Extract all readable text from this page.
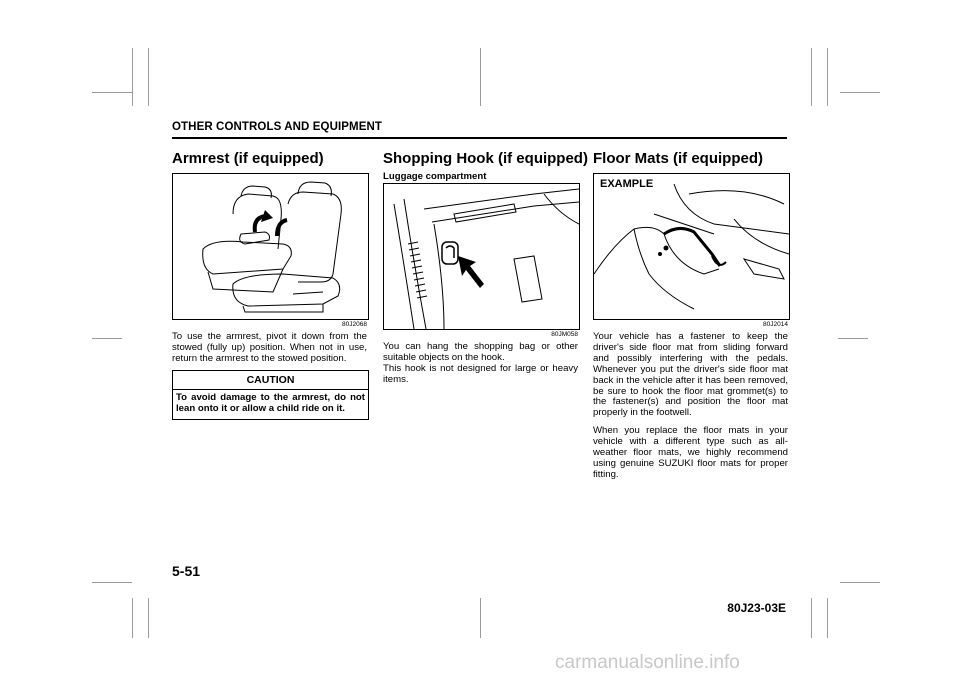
OTHER CONTROLS AND EQUIPMENT
Armrest (if equipped)
80J2068

To use the armrest, pivot it down from the stowed (fully up) position. When not in use, return the armrest to the stowed position.

CAUTION
To avoid damage to the armrest, do not lean onto it or allow a child ride on it.
Shopping Hook (if equipped)
Luggage compartment
80JM058

You can hang the shopping bag or other suitable objects on the hook.

This hook is not designed for large or heavy items.

Floor Mats (if equipped)
EXAMPLE
80J2014

Your vehicle has a fastener to keep the driver's side floor mat from sliding forward and possibly interfering with the pedals. Whenever you put the driver's side floor mat back in the vehicle after it has been removed, be sure to hook the floor mat grommet(s) to the fastener(s) and position the floor mat properly in the footwell.

When you replace the floor mats in your vehicle with a different type such as all-weather floor mats, we highly recommend using genuine SUZUKI floor mats for proper fitting.

5-51
80J23-03E
carmanualsonline.info
